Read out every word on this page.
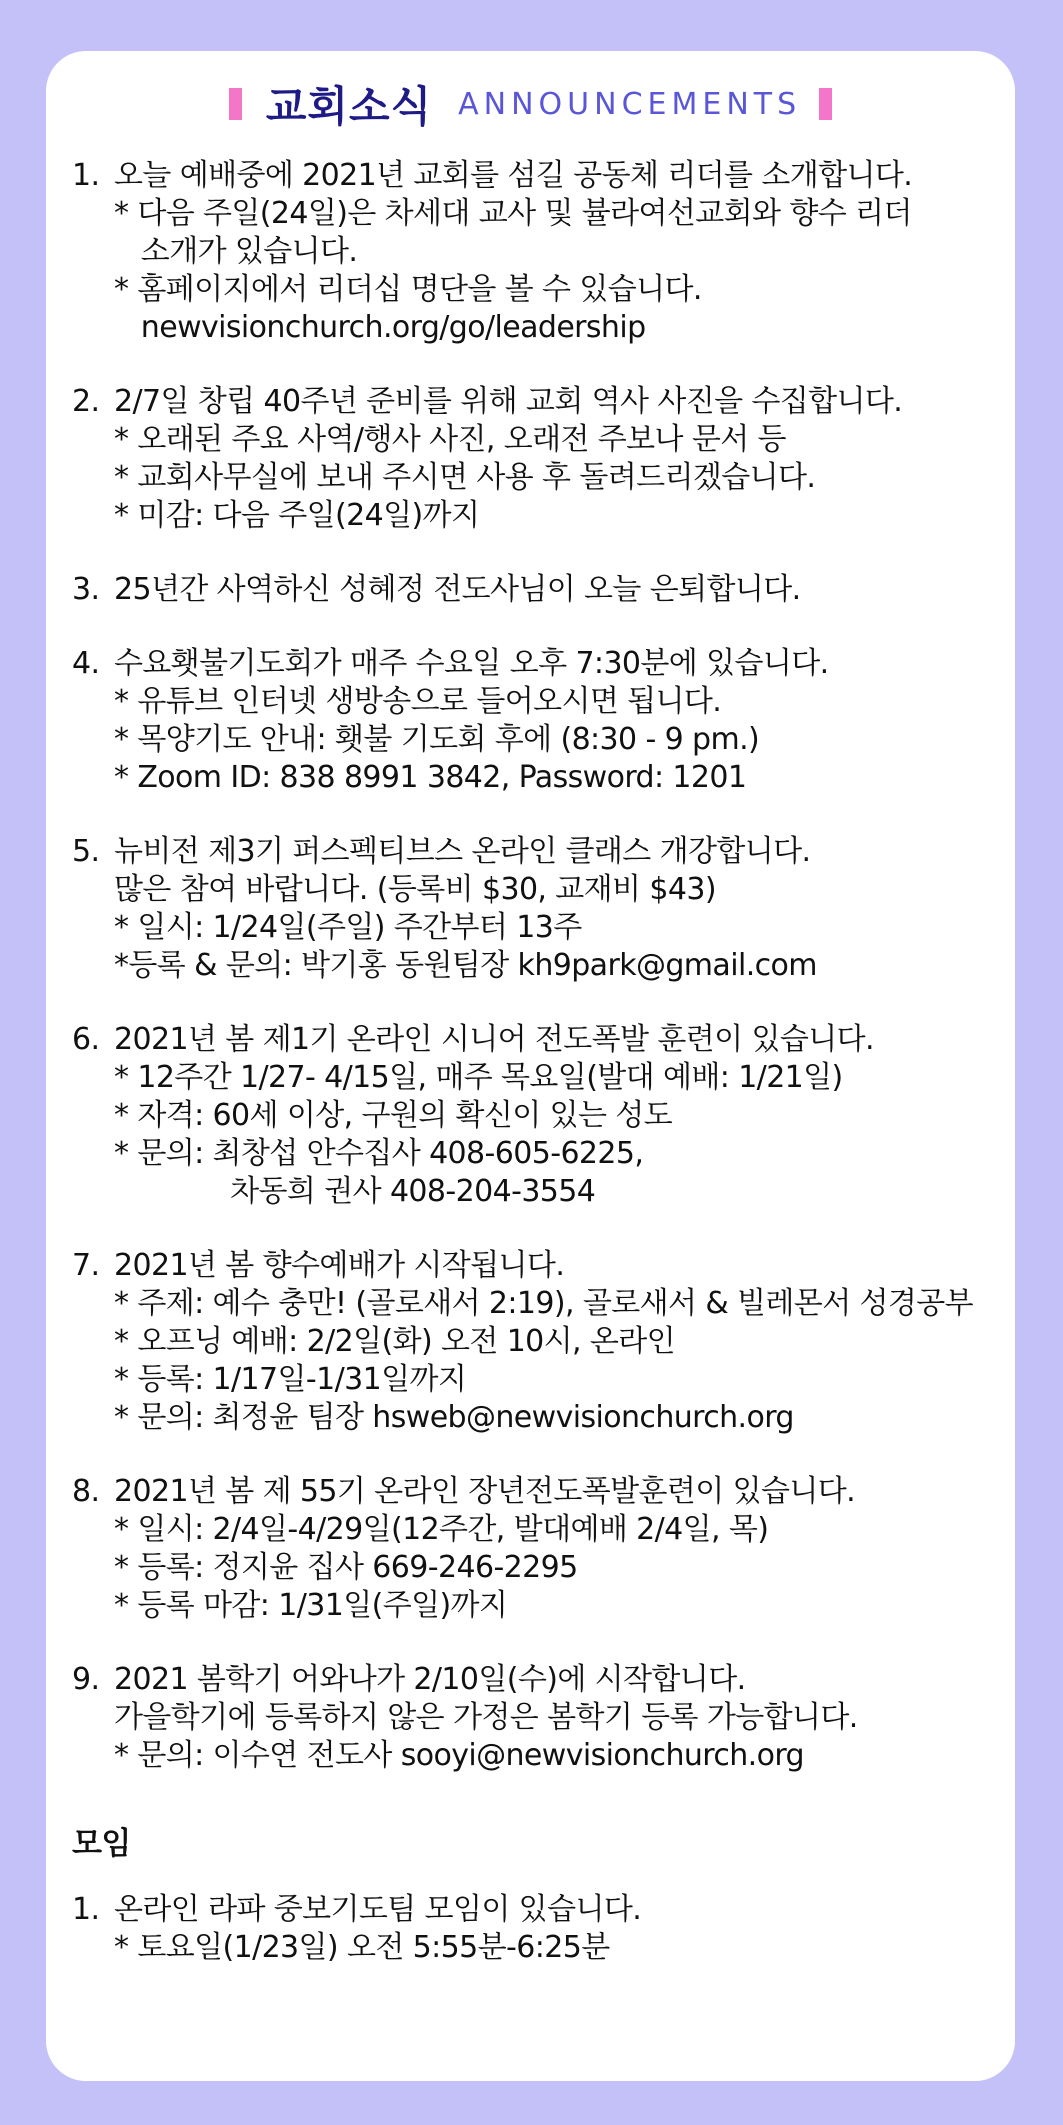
교회소식 ANNOUNCEMENTS
1. 오늘 예배중에 2021년 교회를 섬길 공동체 리더를 소개합니다.
* 다음 주일(24일)은 차세대 교사 및 뷸라여선교회와 향수 리더
소개가 있습니다.
* 홈페이지에서 리더십 명단을 볼 수 있습니다.
newvisionchurch.org/go/leadership
2. 2/7일 창립 40주년 준비를 위해 교회 역사 사진을 수집합니다.
* 오래된 주요 사역/행사 사진, 오래전 주보나 문서 등
* 교회사무실에 보내 주시면 사용 후 돌려드리겠습니다.
* 미감: 다음 주일(24일)까지
3. 25년간 사역하신 성혜정 전도사님이 오늘 은퇴합니다.
4. 수요횃불기도회가 매주 수요일 오후 7:30분에 있습니다.
* 유튜브 인터넷 생방송으로 들어오시면 됩니다.
* 목양기도 안내: 횃불 기도회 후에 (8:30 - 9 pm.)
* Zoom ID: 838 8991 3842, Password: 1201
5. 뉴비전 제3기 퍼스펙티브스 온라인 클래스 개강합니다.
많은 참여 바랍니다. (등록비 $30, 교재비 $43)
* 일시: 1/24일(주일) 주간부터 13주
*등록 & 문의: 박기홍 동원팀장 kh9park@gmail.com
6. 2021년 봄 제1기 온라인 시니어 전도폭발 훈련이 있습니다.
* 12주간 1/27- 4/15일, 매주 목요일(발대 예배: 1/21일)
* 자격: 60세 이상, 구원의 확신이 있는 성도
* 문의: 최창섭 안수집사 408-605-6225,
차동희 권사 408-204-3554
7. 2021년 봄 향수예배가 시작됩니다.
* 주제: 예수 충만! (골로새서 2:19), 골로새서 & 빌레몬서 성경공부
* 오프닝 예배: 2/2일(화) 오전 10시, 온라인
* 등록: 1/17일-1/31일까지
* 문의: 최정윤 팀장 hsweb@newvisionchurch.org
8. 2021년 봄 제 55기 온라인 장년전도폭발훈련이 있습니다.
* 일시: 2/4일-4/29일(12주간, 발대예배 2/4일, 목)
* 등록: 정지윤 집사 669-246-2295
* 등록 마감: 1/31일(주일)까지
9. 2021 봄학기 어와나가 2/10일(수)에 시작합니다.
가을학기에 등록하지 않은 가정은 봄학기 등록 가능합니다.
* 문의: 이수연 전도사 sooyi@newvisionchurch.org
모임
1. 온라인 라파 중보기도팀 모임이 있습니다.
* 토요일(1/23일) 오전 5:55분-6:25분
